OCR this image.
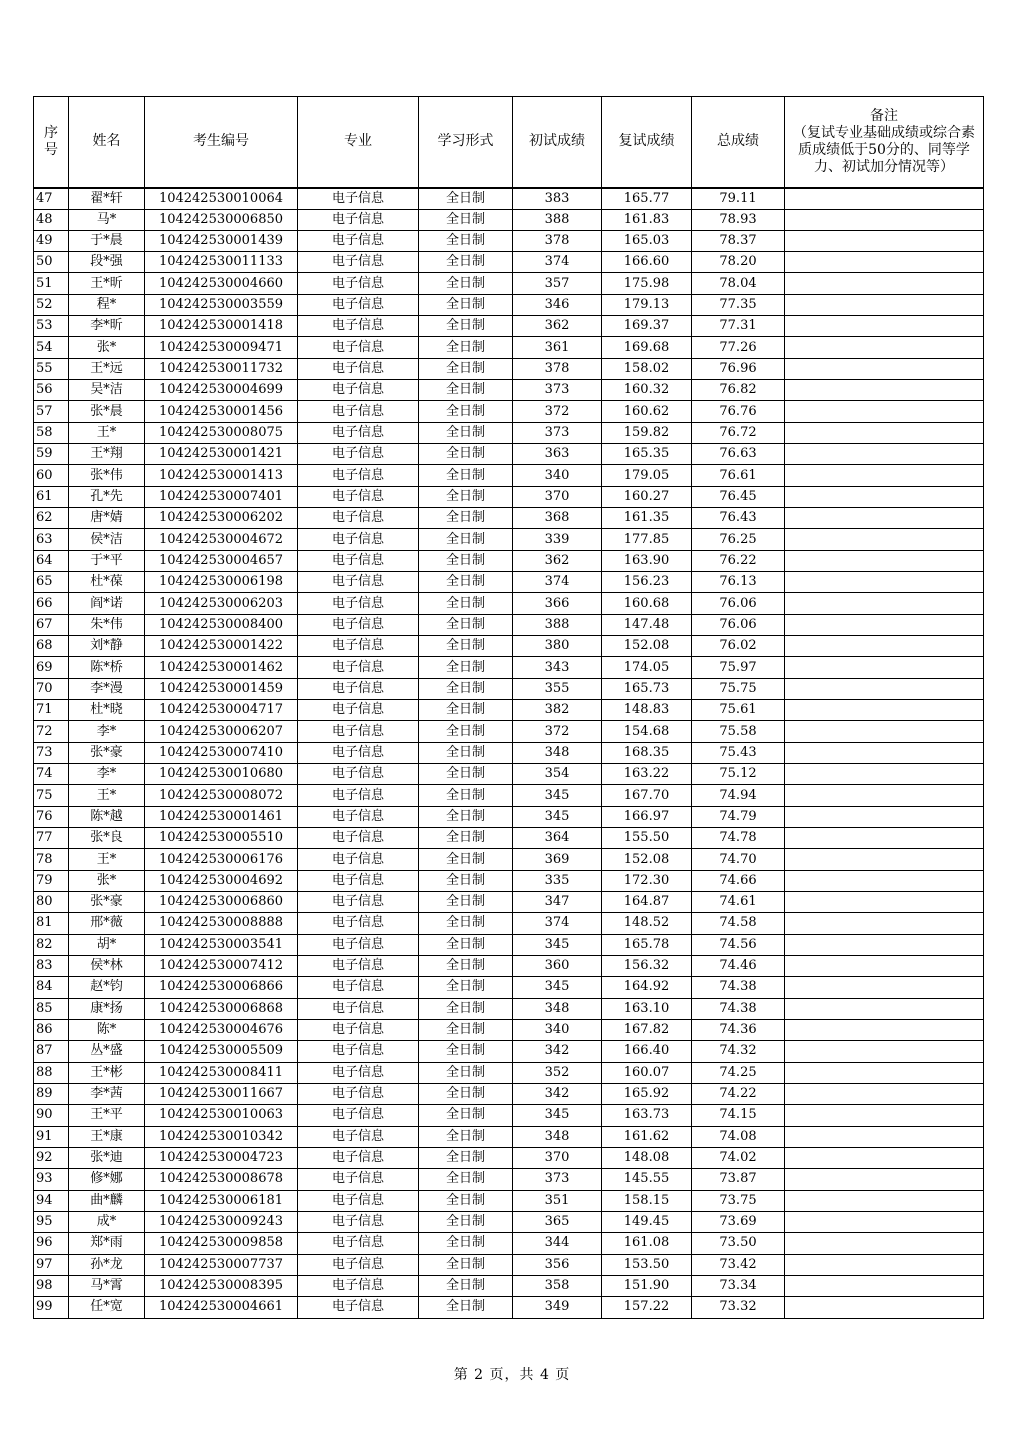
序
号	姓名	考生编号	专业	学习形式	初试成绩	复试成绩	总成绩	备注
（复试专业基础成绩或综合素质成绩低于50分的、同等学力、初试加分情况等）

47	翟*轩	104242530010064	电子信息	全日制	383	165.77	79.11	
48	马*	104242530006850	电子信息	全日制	388	161.83	78.93	
49	于*晨	104242530001439	电子信息	全日制	378	165.03	78.37	
50	段*强	104242530011133	电子信息	全日制	374	166.60	78.20	
51	王*昕	104242530004660	电子信息	全日制	357	175.98	78.04	
52	程*	104242530003559	电子信息	全日制	346	179.13	77.35	
53	李*昕	104242530001418	电子信息	全日制	362	169.37	77.31	
54	张*	104242530009471	电子信息	全日制	361	169.68	77.26	
55	王*远	104242530011732	电子信息	全日制	378	158.02	76.96	
56	吴*洁	104242530004699	电子信息	全日制	373	160.32	76.82	
57	张*晨	104242530001456	电子信息	全日制	372	160.62	76.76	
58	王*	104242530008075	电子信息	全日制	373	159.82	76.72	
59	王*翔	104242530001421	电子信息	全日制	363	165.35	76.63	
60	张*伟	104242530001413	电子信息	全日制	340	179.05	76.61	
61	孔*先	104242530007401	电子信息	全日制	370	160.27	76.45	
62	唐*婧	104242530006202	电子信息	全日制	368	161.35	76.43	
63	侯*洁	104242530004672	电子信息	全日制	339	177.85	76.25	
64	于*平	104242530004657	电子信息	全日制	362	163.90	76.22	
65	杜*葆	104242530006198	电子信息	全日制	374	156.23	76.13	
66	阎*诺	104242530006203	电子信息	全日制	366	160.68	76.06	
67	朱*伟	104242530008400	电子信息	全日制	388	147.48	76.06	
68	刘*静	104242530001422	电子信息	全日制	380	152.08	76.02	
69	陈*桥	104242530001462	电子信息	全日制	343	174.05	75.97	
70	李*漫	104242530001459	电子信息	全日制	355	165.73	75.75	
71	杜*晓	104242530004717	电子信息	全日制	382	148.83	75.61	
72	李*	104242530006207	电子信息	全日制	372	154.68	75.58	
73	张*豪	104242530007410	电子信息	全日制	348	168.35	75.43	
74	李*	104242530010680	电子信息	全日制	354	163.22	75.12	
75	王*	104242530008072	电子信息	全日制	345	167.70	74.94	
76	陈*越	104242530001461	电子信息	全日制	345	166.97	74.79	
77	张*良	104242530005510	电子信息	全日制	364	155.50	74.78	
78	王*	104242530006176	电子信息	全日制	369	152.08	74.70	
79	张*	104242530004692	电子信息	全日制	335	172.30	74.66	
80	张*豪	104242530006860	电子信息	全日制	347	164.87	74.61	
81	邢*薇	104242530008888	电子信息	全日制	374	148.52	74.58	
82	胡*	104242530003541	电子信息	全日制	345	165.78	74.56	
83	侯*林	104242530007412	电子信息	全日制	360	156.32	74.46	
84	赵*钧	104242530006866	电子信息	全日制	345	164.92	74.38	
85	康*扬	104242530006868	电子信息	全日制	348	163.10	74.38	
86	陈*	104242530004676	电子信息	全日制	340	167.82	74.36	
87	丛*盛	104242530005509	电子信息	全日制	342	166.40	74.32	
88	王*彬	104242530008411	电子信息	全日制	352	160.07	74.25	
89	李*茜	104242530011667	电子信息	全日制	342	165.92	74.22	
90	王*平	104242530010063	电子信息	全日制	345	163.73	74.15	
91	王*康	104242530010342	电子信息	全日制	348	161.62	74.08	
92	张*迪	104242530004723	电子信息	全日制	370	148.08	74.02	
93	修*娜	104242530008678	电子信息	全日制	373	145.55	73.87	
94	曲*麟	104242530006181	电子信息	全日制	351	158.15	73.75	
95	成*	104242530009243	电子信息	全日制	365	149.45	73.69	
96	郑*雨	104242530009858	电子信息	全日制	344	161.08	73.50	
97	孙*龙	104242530007737	电子信息	全日制	356	153.50	73.42	
98	马*霄	104242530008395	电子信息	全日制	358	151.90	73.34	
99	任*宽	104242530004661	电子信息	全日制	349	157.22	73.32	
第 2 页，共 4 页
